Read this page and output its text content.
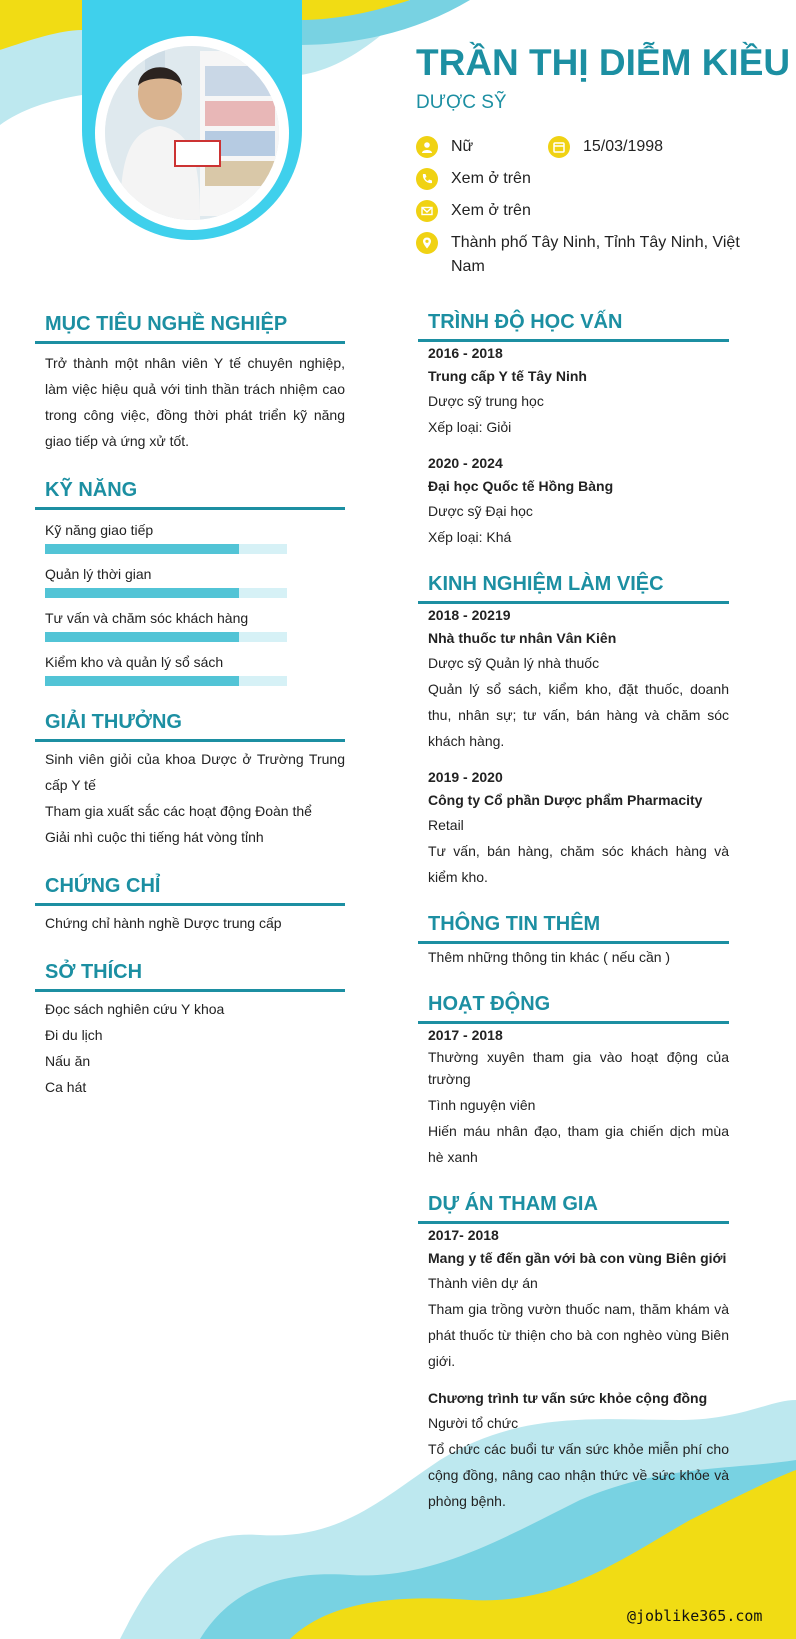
TRẦN THỊ DIỄM KIỀU
DƯỢC SỸ
Nữ	15/03/1998
Xem ở trên
Xem ở trên
Thành phố Tây Ninh, Tỉnh Tây Ninh, Việt
Nam
MỤC TIÊU NGHỀ NGHIỆP
Trở thành một nhân viên Y tế chuyên nghiệp, làm việc hiệu quả với tinh thần trách nhiệm cao trong công việc, đồng thời phát triển kỹ năng giao tiếp và ứng xử tốt.
KỸ NĂNG
Kỹ năng giao tiếp
Quản lý thời gian
Tư vấn và chăm sóc khách hàng
Kiểm kho và quản lý sổ sách
GIẢI THƯỞNG
Sinh viên giỏi của khoa Dược ở Trường Trung cấp Y tế
Tham gia xuất sắc các hoạt động Đoàn thể
Giải nhì cuộc thi tiếng hát vòng tỉnh
CHỨNG CHỈ
Chứng chỉ hành nghề Dược trung cấp
SỞ THÍCH
Đọc sách nghiên cứu Y khoa
Đi du lịch
Nấu ăn
Ca hát
TRÌNH ĐỘ HỌC VẤN
2016 - 2018
Trung cấp Y tế Tây Ninh
Dược sỹ trung học
Xếp loại: Giỏi
2020 - 2024
Đại học Quốc tế Hồng Bàng
Dược sỹ Đại học
Xếp loại: Khá
KINH NGHIỆM LÀM VIỆC
2018 - 20219
Nhà thuốc tư nhân Vân Kiên
Dược sỹ Quản lý nhà thuốc
Quản lý sổ sách, kiểm kho, đặt thuốc, doanh thu, nhân sự; tư vấn, bán hàng và chăm sóc khách hàng.
2019 - 2020
Công ty Cổ phần Dược phẩm Pharmacity
Retail
Tư vấn, bán hàng, chăm sóc khách hàng và kiểm kho.
THÔNG TIN THÊM
Thêm những thông tin khác ( nếu cần )
HOẠT ĐỘNG
2017 - 2018
Thường xuyên tham gia vào hoạt động của trường
Tình nguyện viên
Hiến máu nhân đạo, tham gia chiến dịch mùa hè xanh
DỰ ÁN THAM GIA
2017- 2018
Mang y tế đến gần với bà con vùng Biên giới
Thành viên dự án
Tham gia trồng vườn thuốc nam, thăm khám và phát thuốc từ thiện cho bà con nghèo vùng Biên giới.
Chương trình tư vấn sức khỏe cộng đồng
Người tổ chức
Tổ chức các buổi tư vấn sức khỏe miễn phí cho cộng đồng, nâng cao nhận thức về sức khỏe và phòng bệnh.
@joblike365.com
